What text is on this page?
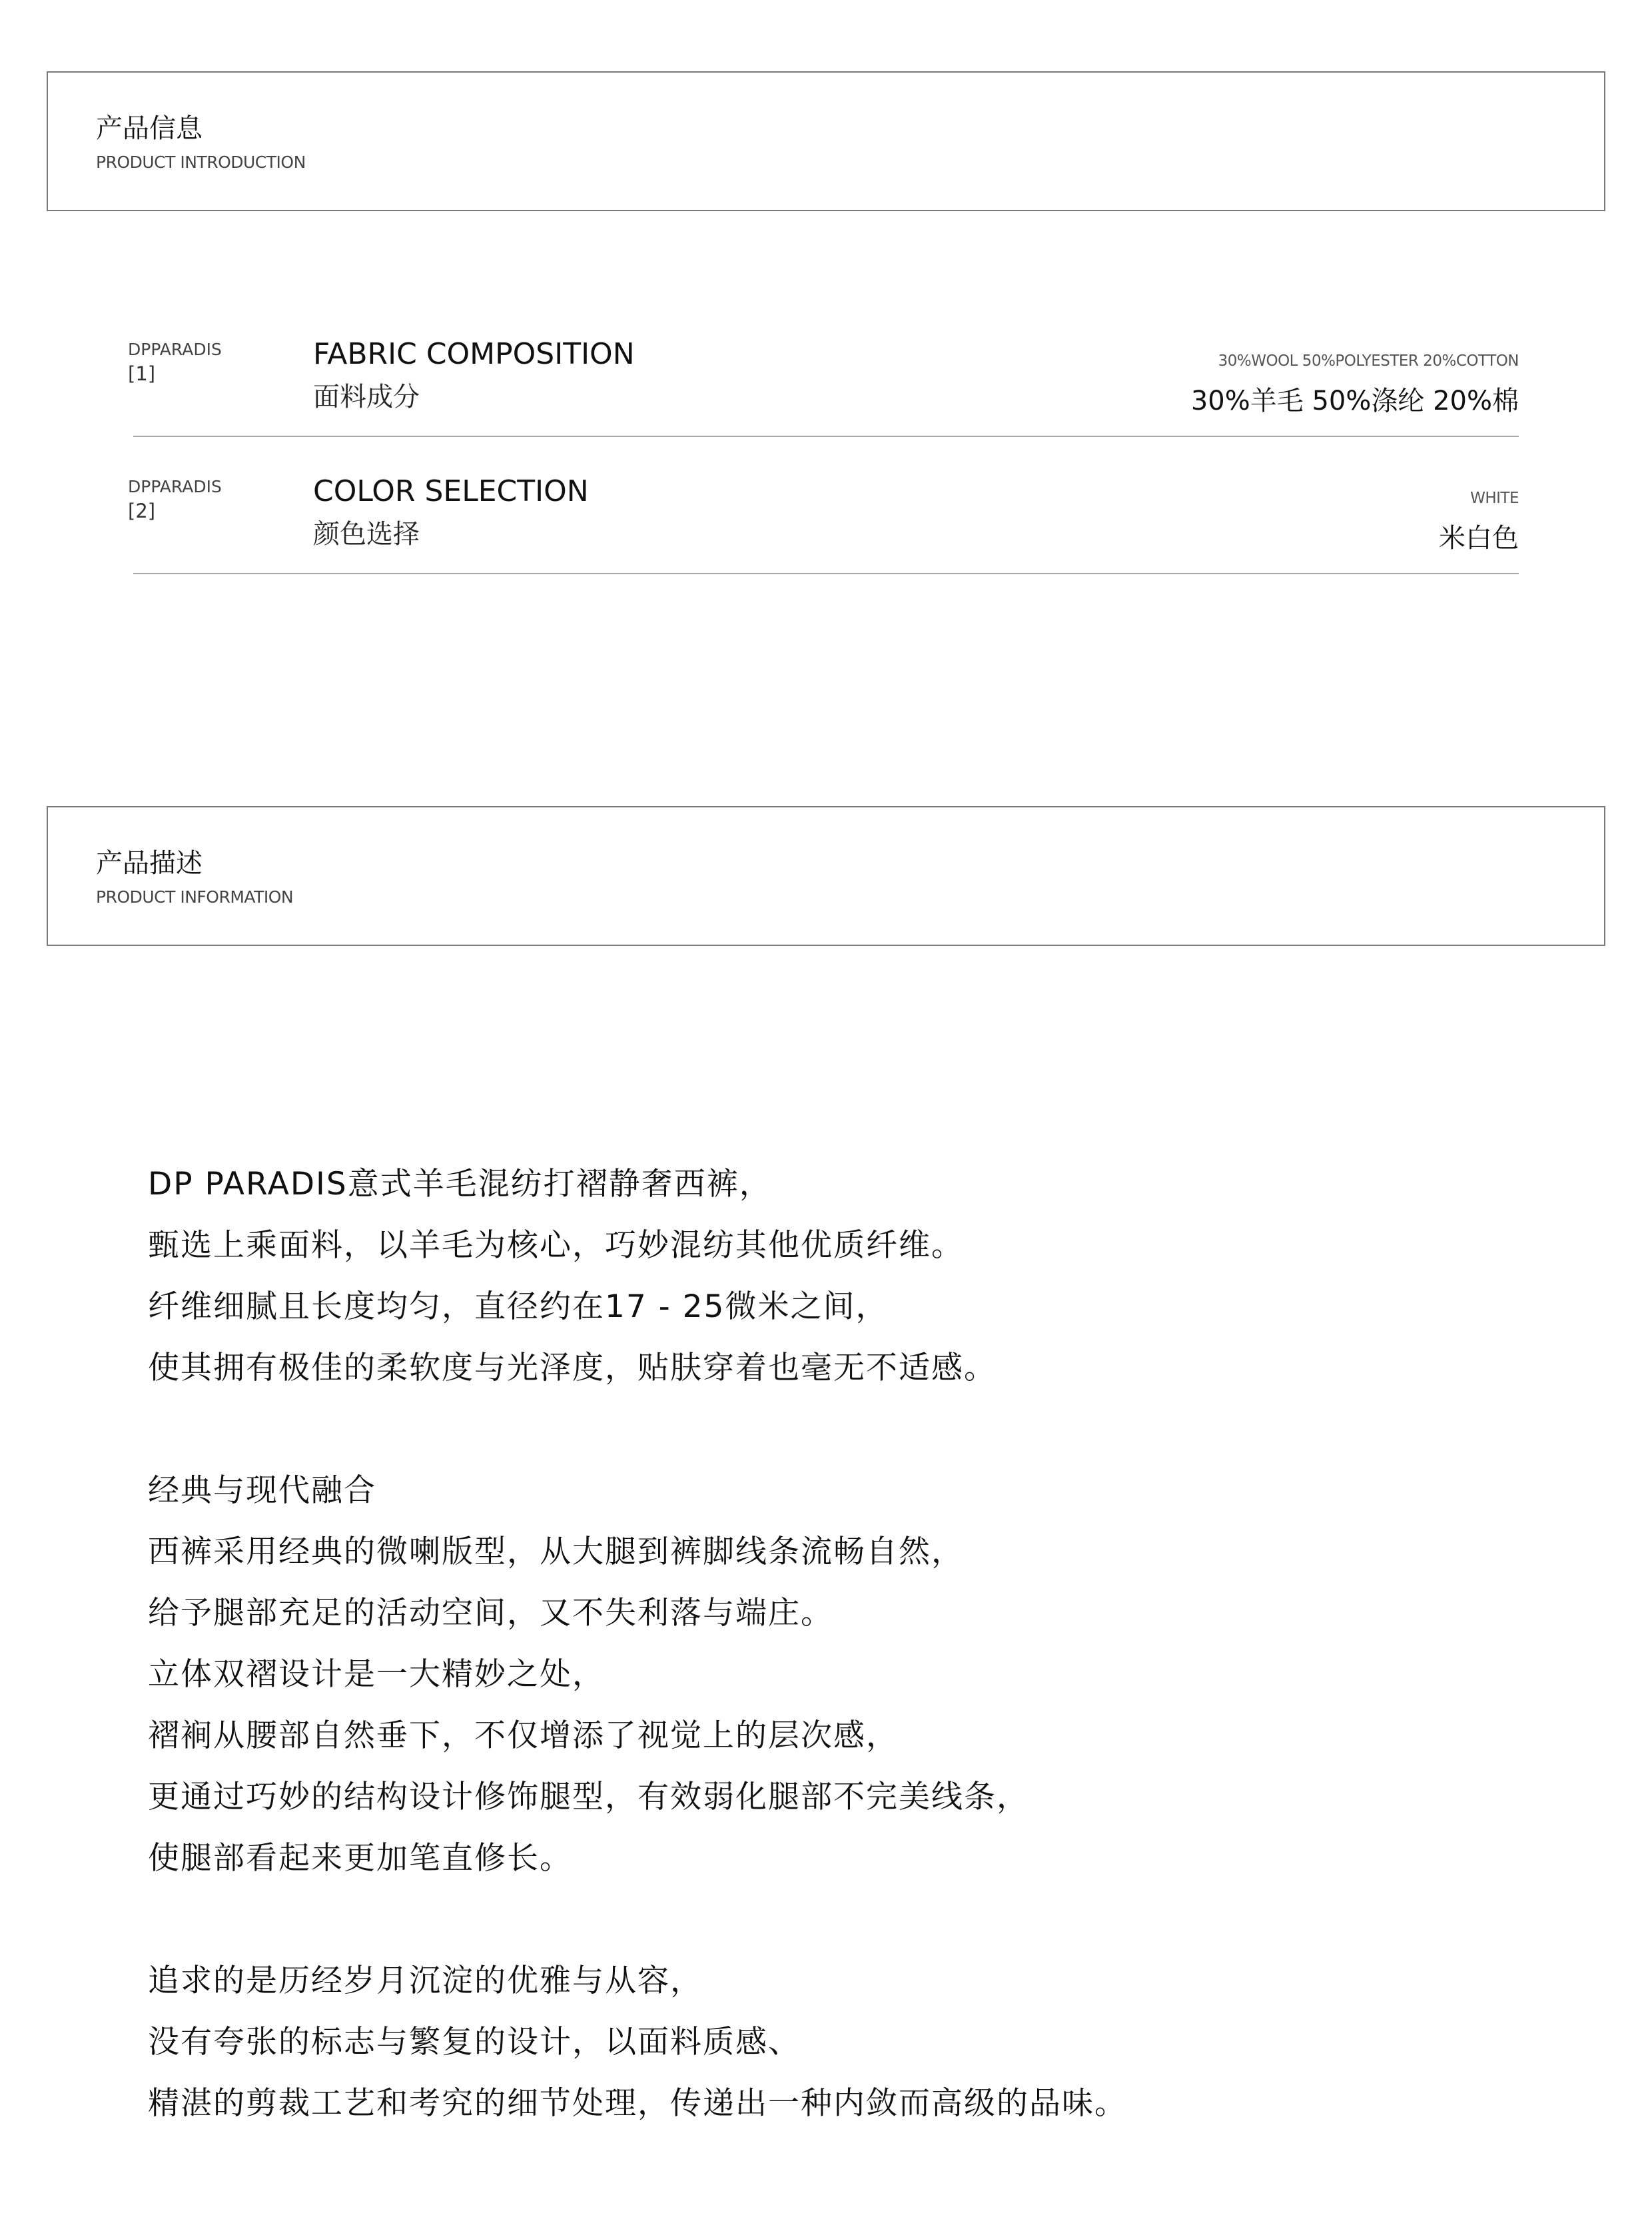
产品信息
PRODUCT INTRODUCTION
DPPARADIS
[1]
FABRIC COMPOSITION
面料成分
30%WOOL 50%POLYESTER 20%COTTON
30%羊毛 50%涤纶 20%棉
DPPARADIS
[2]
COLOR SELECTION
颜色选择
WHITE
米白色
产品描述
PRODUCT INFORMATION
DP PARADIS意式羊毛混纺打褶静奢西裤，
甄选上乘面料，以羊毛为核心，巧妙混纺其他优质纤维。
纤维细腻且长度均匀，直径约在17 - 25微米之间，
使其拥有极佳的柔软度与光泽度，贴肤穿着也毫无不适感。
经典与现代融合
西裤采用经典的微喇版型，从大腿到裤脚线条流畅自然，
给予腿部充足的活动空间，又不失利落与端庄。
立体双褶设计是一大精妙之处，
褶裥从腰部自然垂下，不仅增添了视觉上的层次感，
更通过巧妙的结构设计修饰腿型，有效弱化腿部不完美线条，
使腿部看起来更加笔直修长。
追求的是历经岁月沉淀的优雅与从容，
没有夸张的标志与繁复的设计，以面料质感、
精湛的剪裁工艺和考究的细节处理，传递出一种内敛而高级的品味。
